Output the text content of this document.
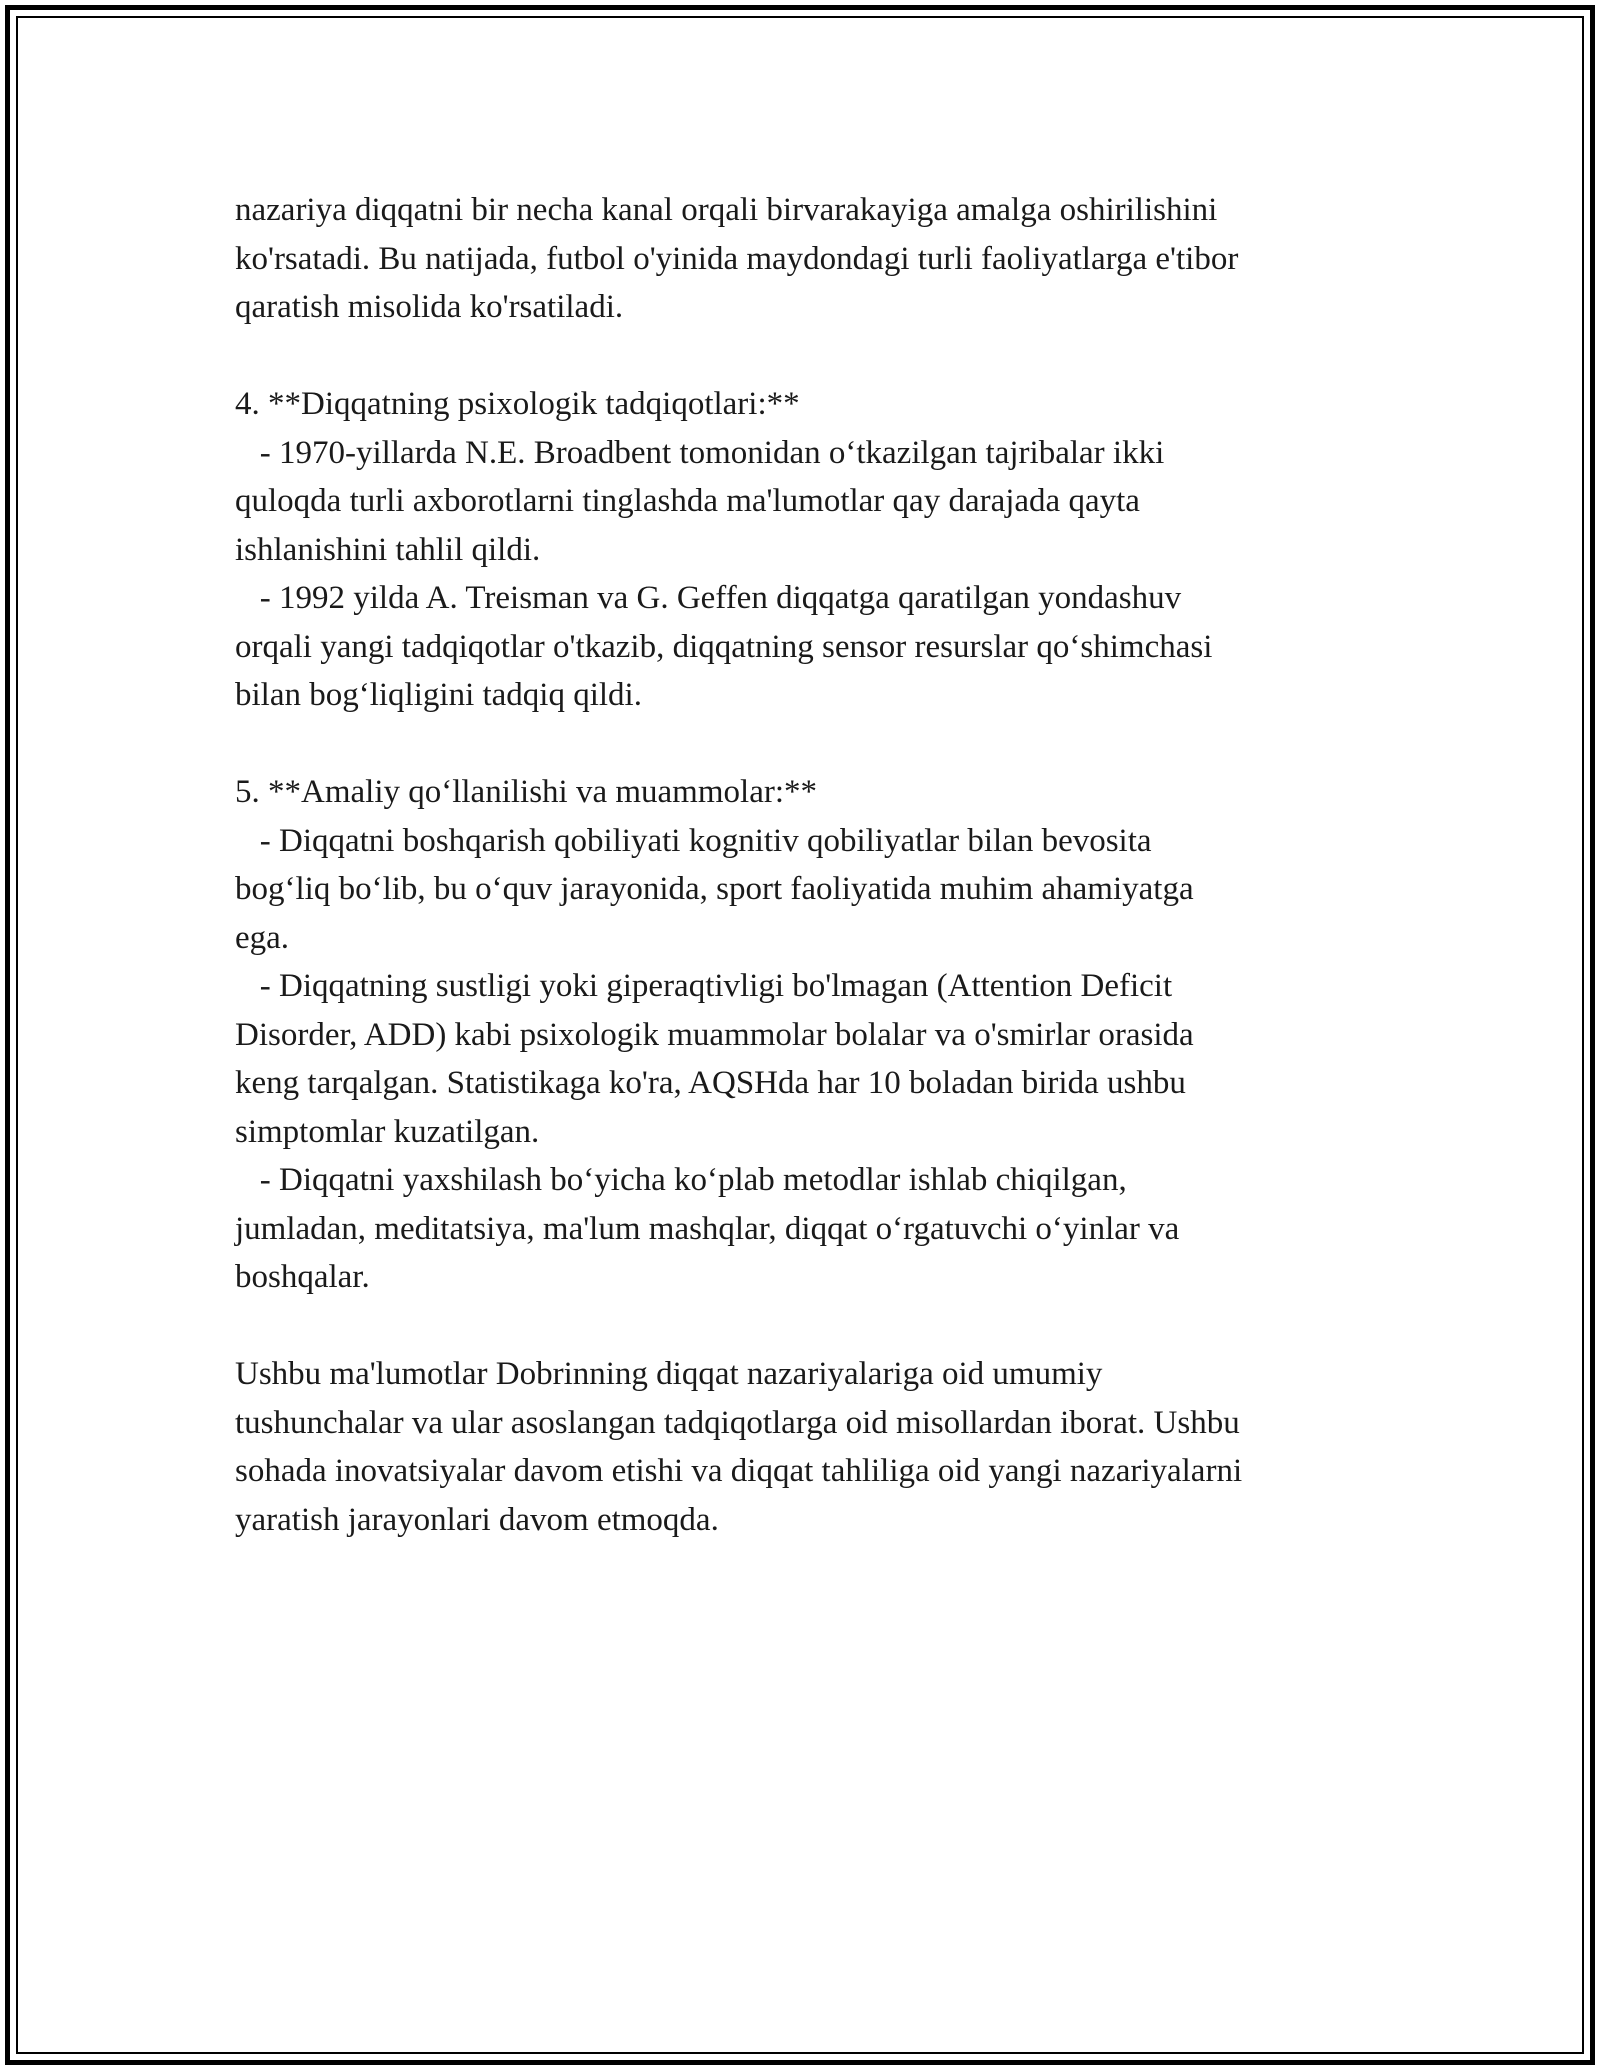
nazariya diqqatni bir necha kanal orqali birvarakayiga amalga oshirilishini
ko'rsatadi. Bu natijada, futbol o'yinida maydondagi turli faoliyatlarga e'tibor
qaratish misolida ko'rsatiladi.
4. **Diqqatning psixologik tadqiqotlari:**
- 1970-yillarda N.E. Broadbent tomonidan o‘tkazilgan tajribalar ikki
quloqda turli axborotlarni tinglashda ma'lumotlar qay darajada qayta
ishlanishini tahlil qildi.
- 1992 yilda A. Treisman va G. Geffen diqqatga qaratilgan yondashuv
orqali yangi tadqiqotlar o'tkazib, diqqatning sensor resurslar qo‘shimchasi
bilan bog‘liqligini tadqiq qildi.
5. **Amaliy qo‘llanilishi va muammolar:**
- Diqqatni boshqarish qobiliyati kognitiv qobiliyatlar bilan bevosita
bog‘liq bo‘lib, bu o‘quv jarayonida, sport faoliyatida muhim ahamiyatga
ega.
- Diqqatning sustligi yoki giperaqtivligi bo'lmagan (Attention Deficit
Disorder, ADD) kabi psixologik muammolar bolalar va o'smirlar orasida
keng tarqalgan. Statistikaga ko'ra, AQSHda har 10 boladan birida ushbu
simptomlar kuzatilgan.
- Diqqatni yaxshilash bo‘yicha ko‘plab metodlar ishlab chiqilgan,
jumladan, meditatsiya, ma'lum mashqlar, diqqat o‘rgatuvchi o‘yinlar va
boshqalar.
Ushbu ma'lumotlar Dobrinning diqqat nazariyalariga oid umumiy
tushunchalar va ular asoslangan tadqiqotlarga oid misollardan iborat. Ushbu
sohada inovatsiyalar davom etishi va diqqat tahliliga oid yangi nazariyalarni
yaratish jarayonlari davom etmoqda.
